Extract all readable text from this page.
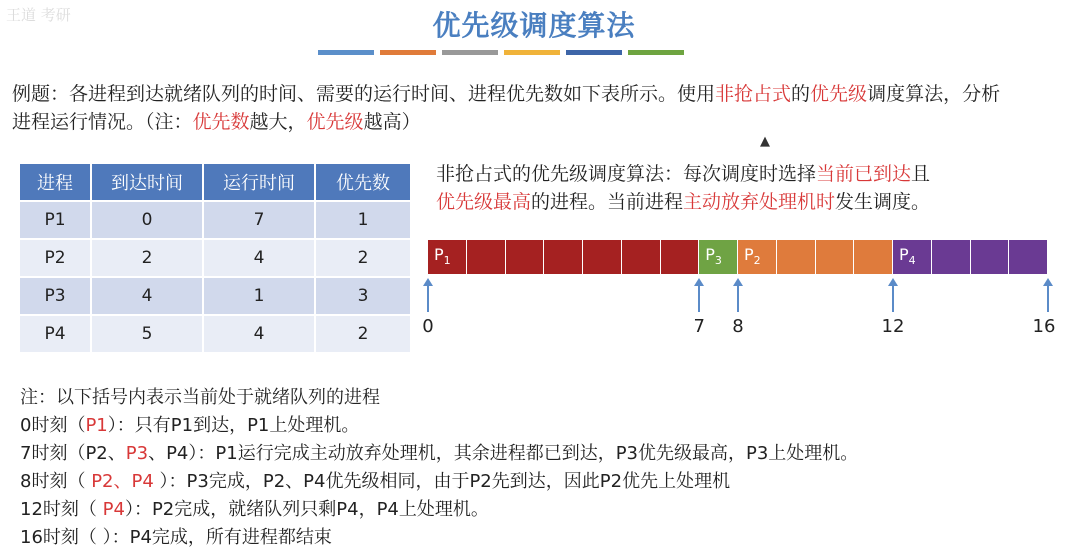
王道 考研	优先级调度算法
例题：各进程到达就绪队列的时间、需要的运行时间、进程优先数如下表所示。使用非抢占式的优先级调度算法，分析进程运行情况。（注：优先数越大，优先级越高）
进程	到达时间	运行时间	优先数
P1	0	7	1
P2	2	4	2
P3	4	1	3
P4	5	4	2
▲
非抢占式的优先级调度算法：每次调度时选择当前已到达且
优先级最高的进程。当前进程主动放弃处理机时发生调度。
$P_1$	$P_3$ $P_2$	$P_4$
0	7	8	12	16
注：以下括号内表示当前处于就绪队列的进程
0时刻（P1）：只有P1到达，P1上处理机。
7时刻（P2、P3、P4）：P1运行完成主动放弃处理机，其余进程都已到达，P3优先级最高，P3上处理机。
8时刻（ P2、P4 ）：P3完成，P2、P4优先级相同，由于P2先到达，因此P2优先上处理机
12时刻（ P4）：P2完成，就绪队列只剩P4，P4上处理机。
16时刻（ ）：P4完成，所有进程都结束
